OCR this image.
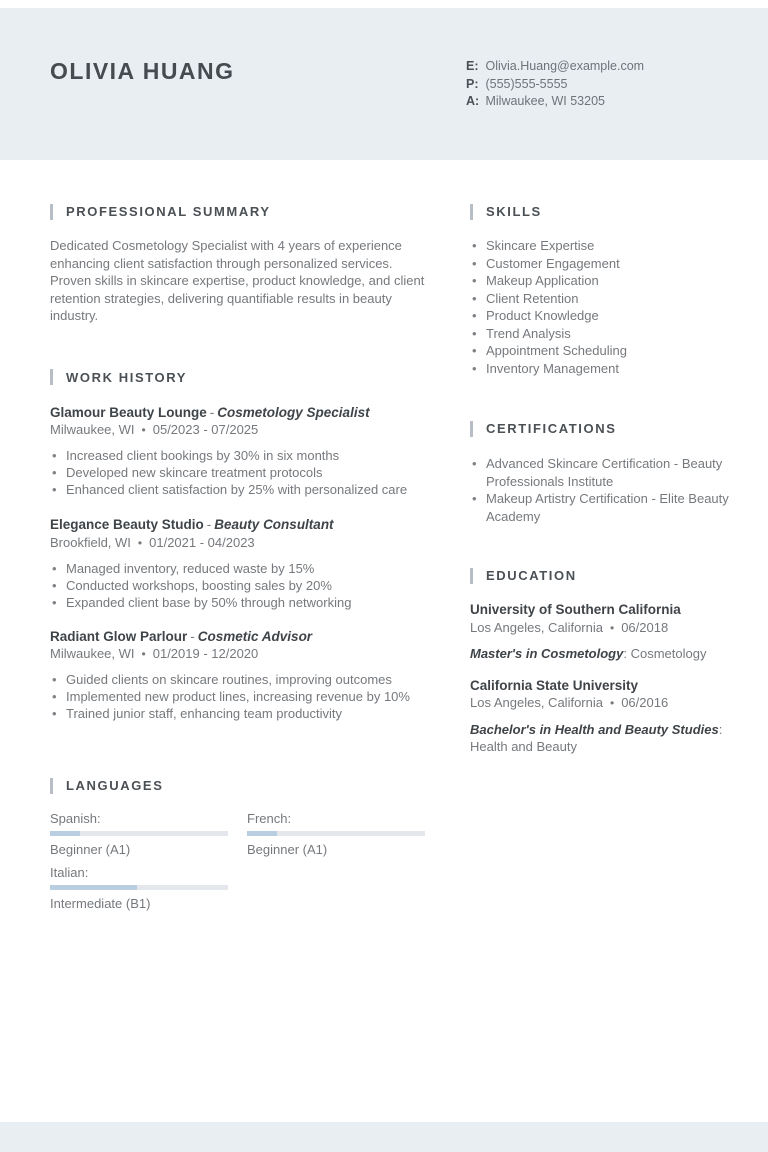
OLIVIA HUANG	E: Olivia.Huang@example.com
P: (555)555-5555
A: Milwaukee, WI 53205
PROFESSIONAL SUMMARY
Dedicated Cosmetology Specialist with 4 years of experience enhancing client satisfaction through personalized services. Proven skills in skincare expertise, product knowledge, and client retention strategies, delivering quantifiable results in beauty industry.
WORK HISTORY
Glamour Beauty Lounge - Cosmetology Specialist
Milwaukee, WI • 05/2023 - 07/2025
• Increased client bookings by 30% in six months
• Developed new skincare treatment protocols
• Enhanced client satisfaction by 25% with personalized care
Elegance Beauty Studio - Beauty Consultant
Brookfield, WI • 01/2021 - 04/2023
• Managed inventory, reduced waste by 15%
• Conducted workshops, boosting sales by 20%
• Expanded client base by 50% through networking
Radiant Glow Parlour - Cosmetic Advisor
Milwaukee, WI • 01/2019 - 12/2020
• Guided clients on skincare routines, improving outcomes
• Implemented new product lines, increasing revenue by 10%
• Trained junior staff, enhancing team productivity
LANGUAGES
Spanish:
Beginner (A1)
French:
Beginner (A1)
Italian:
Intermediate (B1)
SKILLS
• Skincare Expertise
• Customer Engagement
• Makeup Application
• Client Retention
• Product Knowledge
• Trend Analysis
• Appointment Scheduling
• Inventory Management
CERTIFICATIONS
• Advanced Skincare Certification - Beauty Professionals Institute
• Makeup Artistry Certification - Elite Beauty Academy
EDUCATION
University of Southern California
Los Angeles, California • 06/2018
Master's in Cosmetology: Cosmetology
California State University
Los Angeles, California • 06/2016
Bachelor's in Health and Beauty Studies:
Health and Beauty
